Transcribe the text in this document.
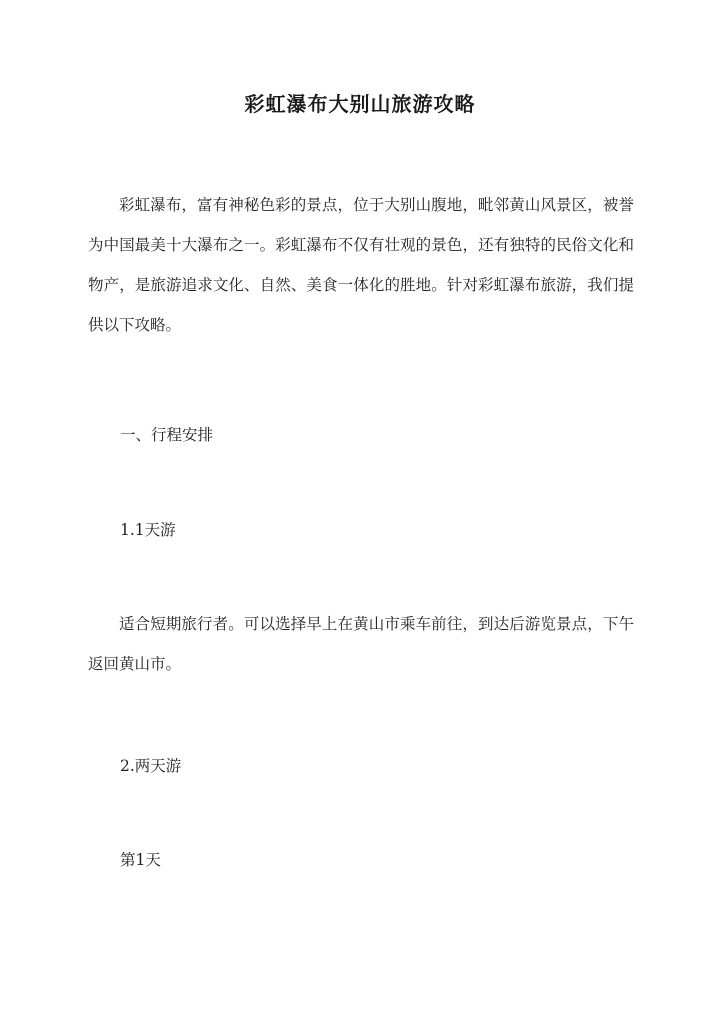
彩虹瀑布大别山旅游攻略
彩虹瀑布，富有神秘色彩的景点，位于大别山腹地，毗邻黄山风景区，被誉为中国最美十大瀑布之一。彩虹瀑布不仅有壮观的景色，还有独特的民俗文化和物产，是旅游追求文化、自然、美食一体化的胜地。针对彩虹瀑布旅游，我们提供以下攻略。
一、行程安排
1.1天游
适合短期旅行者。可以选择早上在黄山市乘车前往，到达后游览景点，下午返回黄山市。
2.两天游
第1天
